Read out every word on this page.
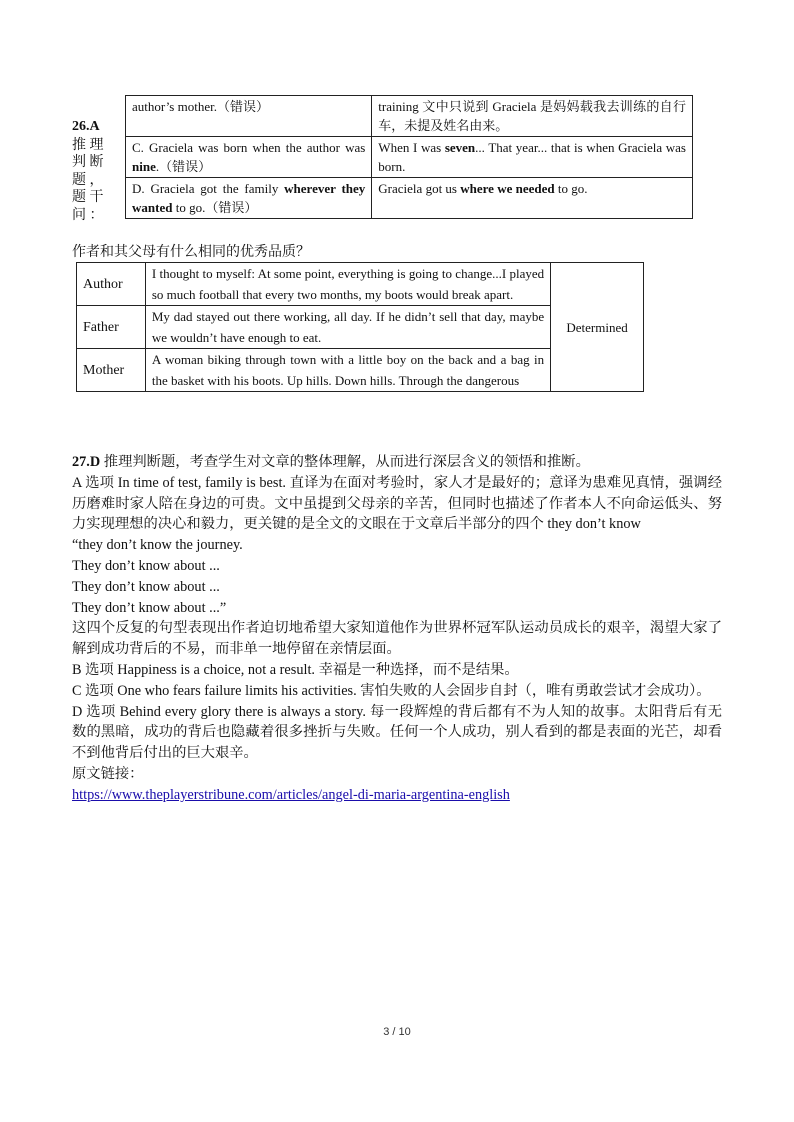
26.A
推 理
判 断
题 ，
题 干
问 ：
author’s mother.（错误）	training 文中只说到 Graciela 是妈妈载我去训练的自行车，未提及姓名由来。
C. Graciela was born when the author was nine.（错误）	When I was seven... That year... that is when Graciela was born.
D. Graciela got the family wherever they wanted to go.（错误）	Graciela got us where we needed to go.
作者和其父母有什么相同的优秀品质？
Author	I thought to myself: At some point, everything is going to change...I played so much football that every two months, my boots would break apart.	Determined
Father	My dad stayed out there working, all day. If he didn’t sell that day, maybe we wouldn’t have enough to eat.	
Mother	A woman biking through town with a little boy on the back and a bag in the basket with his boots. Up hills. Down hills. Through the dangerous	

27.D 推理判断题，考查学生对文章的整体理解，从而进行深层含义的领悟和推断。

A 选项 In time of test, family is best. 直译为在面对考验时，家人才是最好的；意译为患难见真情，强调经历磨难时家人陪在身边的可贵。文中虽提到父母亲的辛苦，但同时也描述了作者本人不向命运低头、努力实现理想的决心和毅力，更关键的是全文的文眼在于文章后半部分的四个 they don’t know

“they don’t know the journey.

They don’t know about ...

They don’t know about ...

They don’t know about ...”

这四个反复的句型表现出作者迫切地希望大家知道他作为世界杯冠军队运动员成长的艰辛，渴望大家了解到成功背后的不易，而非单一地停留在亲情层面。

B 选项 Happiness is a choice, not a result. 幸福是一种选择，而不是结果。

C 选项 One who fears failure limits his activities. 害怕失败的人会固步自封（，唯有勇敢尝试才会成功）。

D 选项 Behind every glory there is always a story. 每一段辉煌的背后都有不为人知的故事。太阳背后有无数的黑暗，成功的背后也隐藏着很多挫折与失败。任何一个人成功，别人看到的都是表面的光芒，却看不到他背后付出的巨大艰辛。

原文链接：

https://www.theplayerstribune.com/articles/angel-di-maria-argentina-english

3 / 10
